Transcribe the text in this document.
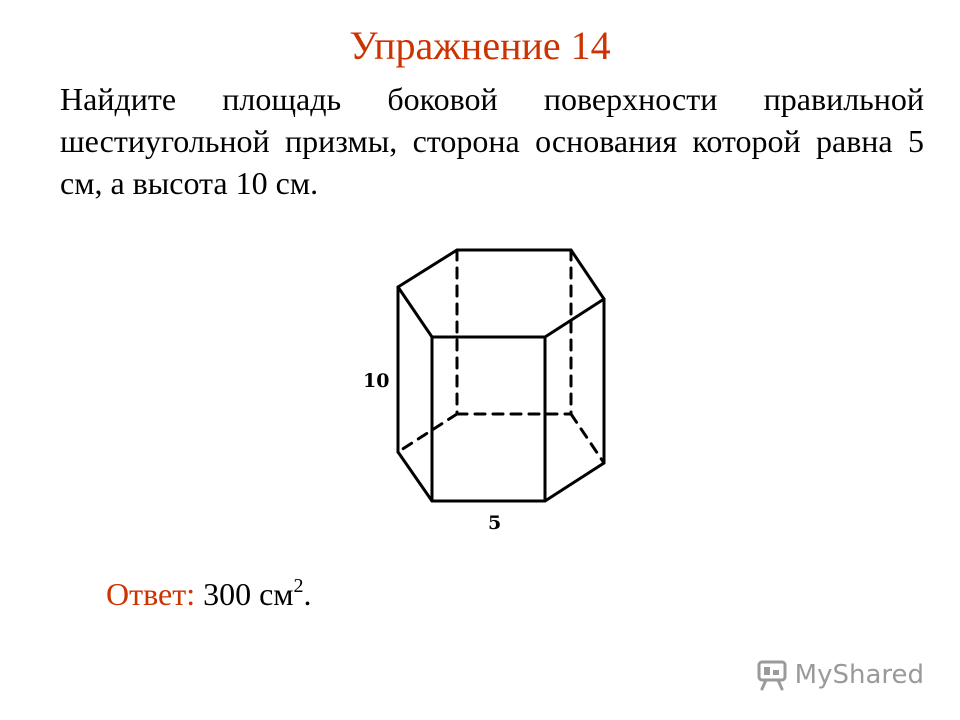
Упражнение 14
Найдите площадь боковой поверхности правильной шестиугольной призмы, сторона основания которой равна 5 см, а высота 10 см.
10
5
Ответ: 300 $см^2$.
MyShared
